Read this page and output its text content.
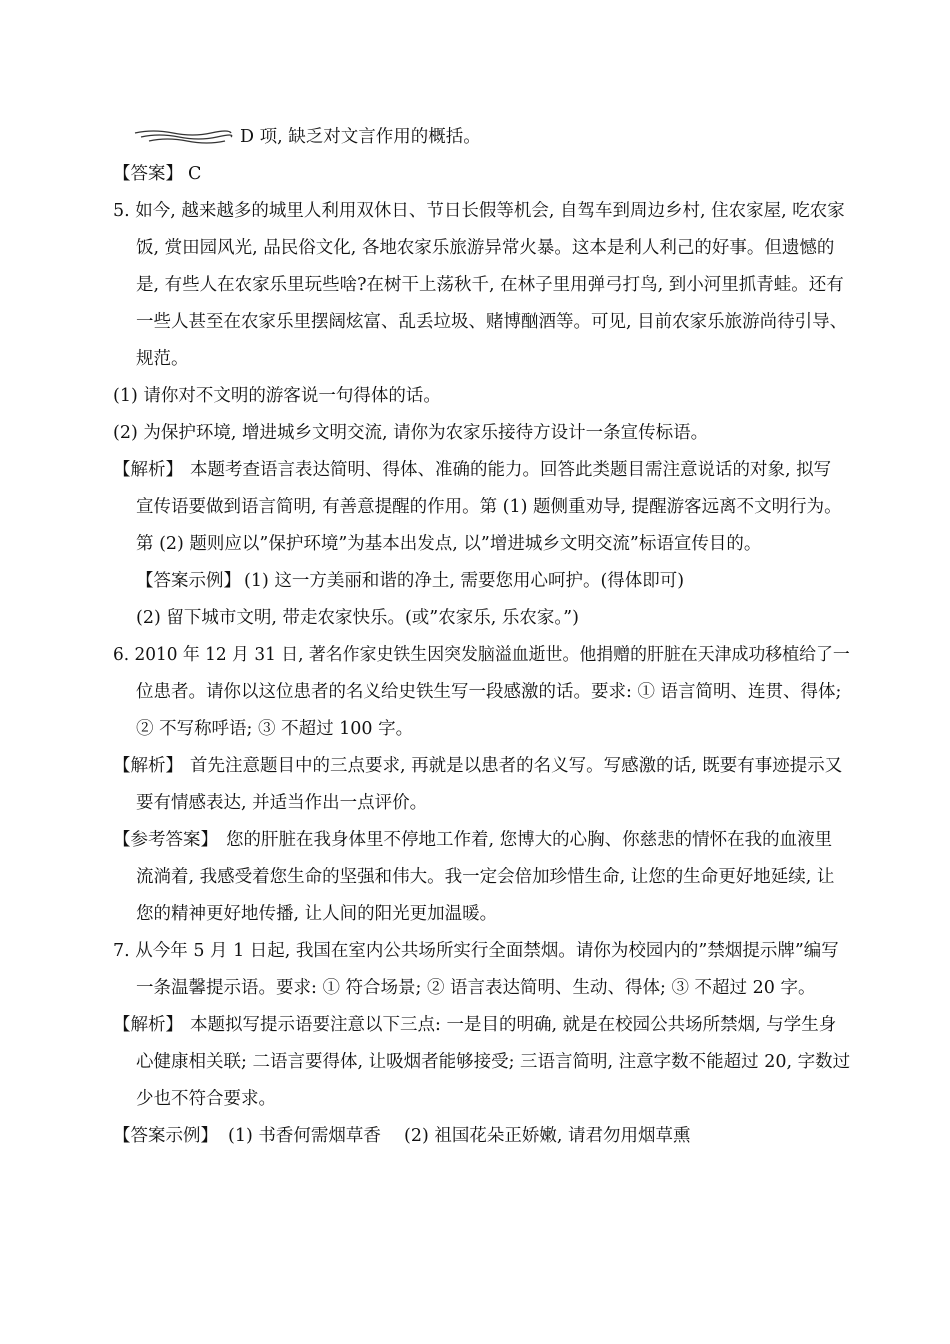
D 项, 缺乏对文言作用的概括。
【答案】 C
5. 如今, 越来越多的城里人利用双休日、节日长假等机会, 自驾车到周边乡村, 住农家屋, 吃农家
饭, 赏田园风光, 品民俗文化, 各地农家乐旅游异常火暴。这本是利人利己的好事。但遗憾的
是, 有些人在农家乐里玩些啥?在树干上荡秋千, 在林子里用弹弓打鸟, 到小河里抓青蛙。还有
一些人甚至在农家乐里摆阔炫富、乱丢垃圾、赌博酗酒等。可见, 目前农家乐旅游尚待引导、
规范。
(1) 请你对不文明的游客说一句得体的话。
(2) 为保护环境, 增进城乡文明交流, 请你为农家乐接待方设计一条宣传标语。
【解析】 本题考查语言表达简明、得体、准确的能力。回答此类题目需注意说话的对象, 拟写
宣传语要做到语言简明, 有善意提醒的作用。第 (1) 题侧重劝导, 提醒游客远离不文明行为。
第 (2) 题则应以”保护环境”为基本出发点, 以”增进城乡文明交流”标语宣传目的。
【答案示例】 (1) 这一方美丽和谐的净土, 需要您用心呵护。(得体即可)
(2) 留下城市文明, 带走农家快乐。(或”农家乐, 乐农家。”)
6. 2010 年 12 月 31 日, 著名作家史铁生因突发脑溢血逝世。他捐赠的肝脏在天津成功移植给了一
位患者。请你以这位患者的名义给史铁生写一段感激的话。要求: ① 语言简明、连贯、得体;
② 不写称呼语; ③ 不超过 100 字。
【解析】 首先注意题目中的三点要求, 再就是以患者的名义写。写感激的话, 既要有事迹提示又
要有情感表达, 并适当作出一点评价。
【参考答案】 您的肝脏在我身体里不停地工作着, 您博大的心胸、你慈悲的情怀在我的血液里
流淌着, 我感受着您生命的坚强和伟大。我一定会倍加珍惜生命, 让您的生命更好地延续, 让
您的精神更好地传播, 让人间的阳光更加温暖。
7. 从今年 5 月 1 日起, 我国在室内公共场所实行全面禁烟。请你为校园内的”禁烟提示牌”编写
一条温馨提示语。要求: ① 符合场景; ② 语言表达简明、生动、得体; ③ 不超过 20 字。
【解析】 本题拟写提示语要注意以下三点: 一是目的明确, 就是在校园公共场所禁烟, 与学生身
心健康相关联; 二语言要得体, 让吸烟者能够接受; 三语言简明, 注意字数不能超过 20, 字数过
少也不符合要求。
【答案示例】 (1) 书香何需烟草香 (2) 祖国花朵正娇嫩, 请君勿用烟草熏
